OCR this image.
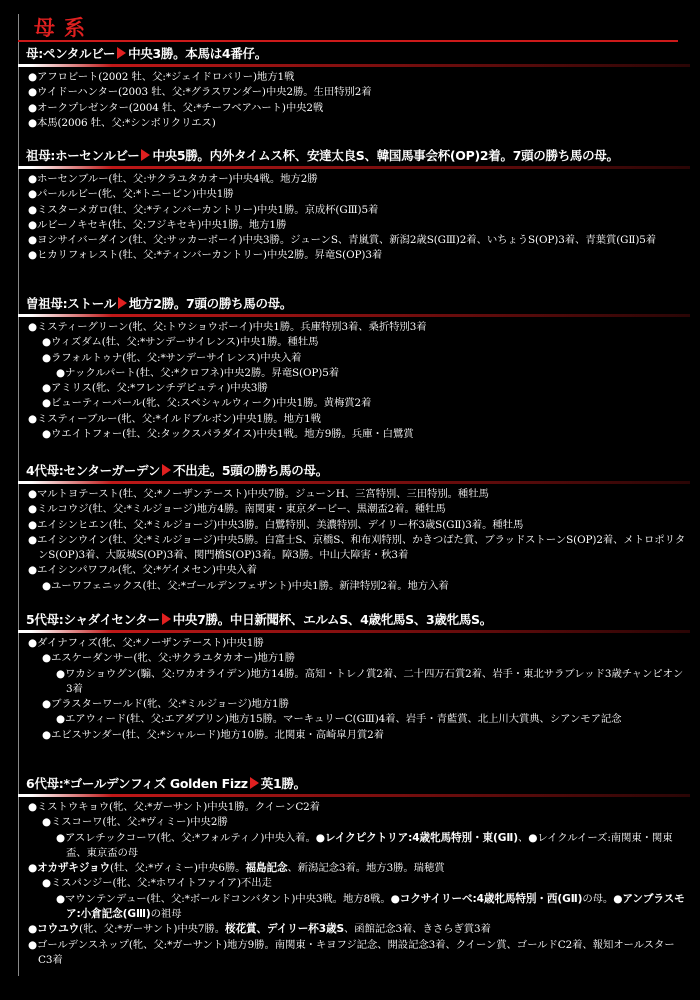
母系
母:ペンタルビー 中央3勝。本馬は4番仔。
●アフロビート(2002 牡、父:*ジェイドロバリー)地方1戦
●ウイドーハンター(2003 牡、父:*グラスワンダー)中央2勝。生田特別2着
●オークプレゼンター(2004 牡、父:*チーフベアハート)中央2戦
●本馬(2006 牡、父:*シンボリクリエス)
祖母:ホーセンルビー 中央5勝。内外タイムス杯、安達太良S、韓国馬事会杯(OP)2着。7頭の勝ち馬の母。
●ホーセンブルー(牡、父:サクラユタカオー)中央4戦。地方2勝
●パールルビー(牝、父:*トニービン)中央1勝
●ミスターメガロ(牡、父:*ティンバーカントリー)中央1勝。京成杯(GⅢ)5着
●ルビーノキセキ(牡、父:フジキセキ)中央1勝。地方1勝
●ヨシサイバーダイン(牡、父:サッカーボーイ)中央3勝。ジューンS、青嵐賞、新潟2歳S(GⅢ)2着、いちょうS(OP)3着、青葉賞(GⅡ)5着
●ヒカリフォレスト(牡、父:*ティンバーカントリー)中央2勝。昇竜S(OP)3着
曽祖母:ストール 地方2勝。7頭の勝ち馬の母。
●ミスティーグリーン(牝、父:トウショウボーイ)中央1勝。兵庫特別3着、桑折特別3着
●ウィズダム(牡、父:*サンデーサイレンス)中央1勝。種牡馬
●ラフォルトゥナ(牝、父:*サンデーサイレンス)中央入着
●ナックルパート(牡、父:*クロフネ)中央2勝。昇竜S(OP)5着
●アミリス(牝、父:*フレンチデピュティ)中央3勝
●ビューティーパール(牝、父:スペシャルウィーク)中央1勝。黄梅賞2着
●ミスティーブルー(牝、父:*イルドブルボン)中央1勝。地方1戦
●ウエイトフォー(牡、父:タックスパラダイス)中央1戦。地方9勝。兵庫・白鷺賞
4代母:センターガーデン 不出走。5頭の勝ち馬の母。
●マルトヨテースト(牡、父:*ノーザンテースト)中央7勝。ジューンH、三宮特別、三田特別。種牡馬
●ミルコウジ(牡、父:*ミルジョージ)地方4勝。南関東・東京ダービー、黒潮盃2着。種牡馬
●エイシンヒエン(牡、父:*ミルジョージ)中央3勝。白鷺特別、美濃特別、デイリー杯3歳S(GⅡ)3着。種牡馬
●エイシンウイン(牡、父:*ミルジョージ)中央5勝。白富士S、京橋S、和布刈特別、かきつばた賞、ブラッドストーンS(OP)2着、メトロポリタンS(OP)3着、大阪城S(OP)3着、関門橋S(OP)3着。障3勝。中山大障害・秋3着
●エイシンパワフル(牝、父:*ゲイメセン)中央入着
●ユーワフェニックス(牡、父:*ゴールデンフェザント)中央1勝。新津特別2着。地方入着
5代母:シャダイセンター 中央7勝。中日新聞杯、エルムS、4歳牝馬S、3歳牝馬S。
●ダイナフィズ(牝、父:*ノーザンテースト)中央1勝
●エスケーダンサー(牝、父:サクラユタカオー)地方1勝
●ワカショウグン(騸、父:ワカオライデン)地方14勝。高知・トレノ賞2着、二十四万石賞2着、岩手・東北サラブレッド3歳チャンピオン3着
●ブラスターワールド(牝、父:*ミルジョージ)地方1勝
●エアウィード(牡、父:エアダブリン)地方15勝。マーキュリーC(GⅢ)4着、岩手・青藍賞、北上川大賞典、シアンモア記念
●エビスサンダー(牡、父:*シャルード)地方10勝。北関東・高崎皐月賞2着
6代母:*ゴールデンフィズ Golden Fizz 英1勝。
●ミストウキョウ(牝、父:*ガーサント)中央1勝。クイーンC2着
●ミスコーワ(牝、父:*ヴィミー)中央2勝
●アスレチックコーワ(牝、父:*フォルティノ)中央入着。●レイクピクトリア:4歳牝馬特別・東(GⅡ)、●レイクルイーズ:南関東・関東盃、東京盃の母
●オカザキジョウ(牡、父:*ヴィミー)中央6勝。福島記念、新潟記念3着。地方3勝。瑞穂賞
●ミスパンジー(牝、父:*ホワイトファイア)不出走
●マウンテンデュー(牡、父:*ボールドコンバタント)中央3戦。地方8戦。●コクサイリーベ:4歳牝馬特別・西(GⅡ)の母。●アンブラスモア:小倉記念(GⅢ)の祖母
●コウユウ(牝、父:*ガーサント)中央7勝。桜花賞、デイリー杯3歳S、函館記念3着、きさらぎ賞3着
●ゴールデンスネップ(牝、父:*ガーサント)地方9勝。南関東・キヨフジ記念、開設記念3着、クイーン賞、ゴールドC2着、報知オールスターC3着
